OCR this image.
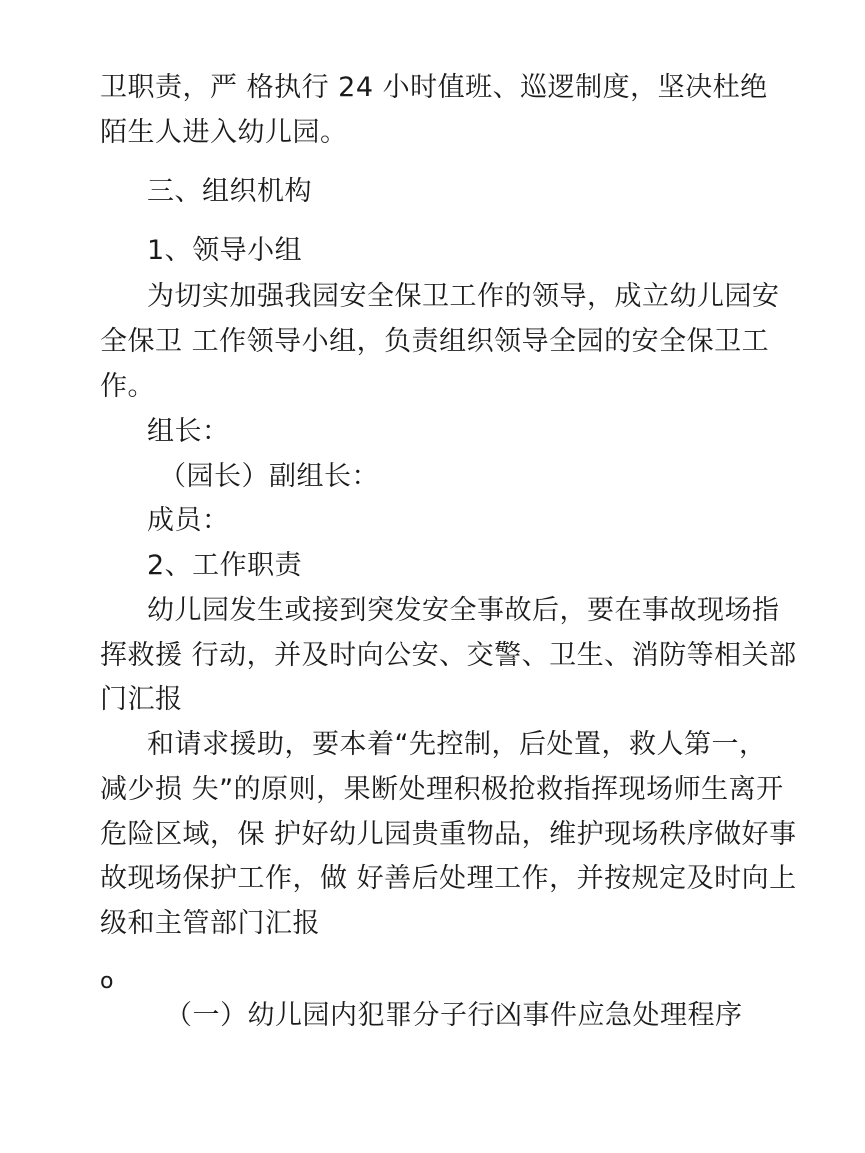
卫职责，严 格执行 24 小时值班、巡逻制度，坚决杜绝
陌生人进入幼儿园。
三、组织机构
1、领导小组
为切实加强我园安全保卫工作的领导，成立幼儿园安
全保卫 工作领导小组，负责组织领导全园的安全保卫工
作。
组长：
（园长）副组长：
成员：
2、工作职责
幼儿园发生或接到突发安全事故后，要在事故现场指
挥救援 行动，并及时向公安、交警、卫生、消防等相关部
门汇报
和请求援助，要本着“先控制，后处置，救人第一，
减少损 失”的原则，果断处理积极抢救指挥现场师生离开
危险区域，保 护好幼儿园贵重物品，维护现场秩序做好事
故现场保护工作，做 好善后处理工作，并按规定及时向上
级和主管部门汇报
o
（一）幼儿园内犯罪分子行凶事件应急处理程序
